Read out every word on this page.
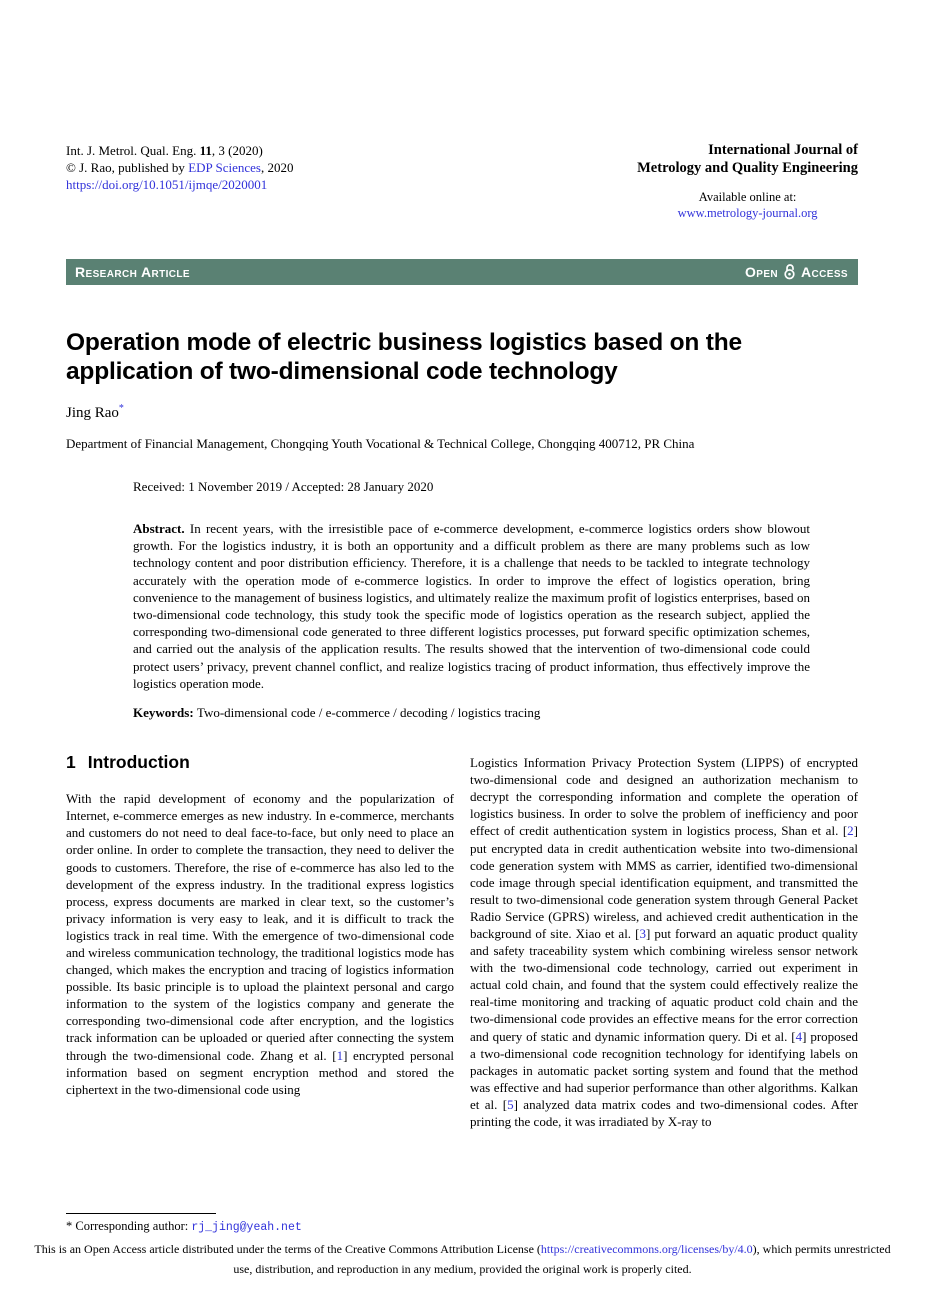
Int. J. Metrol. Qual. Eng. 11, 3 (2020)
© J. Rao, published by EDP Sciences, 2020
https://doi.org/10.1051/ijmqe/2020001
International Journal of
Metrology and Quality Engineering
Available online at:
www.metrology-journal.org
Research Article	Open Access
Operation mode of electric business logistics based on the application of two-dimensional code technology
Jing Rao*
Department of Financial Management, Chongqing Youth Vocational & Technical College, Chongqing 400712, PR China
Received: 1 November 2019 / Accepted: 28 January 2020

Abstract. In recent years, with the irresistible pace of e-commerce development, e-commerce logistics orders show blowout growth. For the logistics industry, it is both an opportunity and a difficult problem as there are many problems such as low technology content and poor distribution efficiency. Therefore, it is a challenge that needs to be tackled to integrate technology accurately with the operation mode of e-commerce logistics. In order to improve the effect of logistics operation, bring convenience to the management of business logistics, and ultimately realize the maximum profit of logistics enterprises, based on two-dimensional code technology, this study took the specific mode of logistics operation as the research subject, applied the corresponding two-dimensional code generated to three different logistics processes, put forward specific optimization schemes, and carried out the analysis of the application results. The results showed that the intervention of two-dimensional code could protect users’ privacy, prevent channel conflict, and realize logistics tracing of product information, thus effectively improve the logistics operation mode.

Keywords: Two-dimensional code / e-commerce / decoding / logistics tracing
1 Introduction

With the rapid development of economy and the popularization of Internet, e-commerce emerges as new industry. In e-commerce, merchants and customers do not need to deal face-to-face, but only need to place an order online. In order to complete the transaction, they need to deliver the goods to customers. Therefore, the rise of e-commerce has also led to the development of the express industry. In the traditional express logistics process, express documents are marked in clear text, so the customer’s privacy information is very easy to leak, and it is difficult to track the logistics track in real time. With the emergence of two-dimensional code and wireless communication technology, the traditional logistics mode has changed, which makes the encryption and tracing of logistics information possible. Its basic principle is to upload the plaintext personal and cargo information to the system of the logistics company and generate the corresponding two-dimensional code after encryption, and the logistics track information can be uploaded or queried after connecting the system through the two-dimensional code. Zhang et al. [1] encrypted personal information based on segment encryption method and stored the ciphertext in the two-dimensional code using

* Corresponding author: rj_jing@yeah.net

Logistics Information Privacy Protection System (LIPPS) of encrypted two-dimensional code and designed an authorization mechanism to decrypt the corresponding information and complete the operation of logistics business. In order to solve the problem of inefficiency and poor effect of credit authentication system in logistics process, Shan et al. [2] put encrypted data in credit authentication website into two-dimensional code generation system with MMS as carrier, identified two-dimensional code image through special identification equipment, and transmitted the result to two-dimensional code generation system through General Packet Radio Service (GPRS) wireless, and achieved credit authentication in the background of site. Xiao et al. [3] put forward an aquatic product quality and safety traceability system which combining wireless sensor network with the two-dimensional code technology, carried out experiment in actual cold chain, and found that the system could effectively realize the real-time monitoring and tracking of aquatic product cold chain and the two-dimensional code provides an effective means for the error correction and query of static and dynamic information query. Di et al. [4] proposed a two-dimensional code recognition technology for identifying labels on packages in automatic packet sorting system and found that the method was effective and had superior performance than other algorithms. Kalkan et al. [5] analyzed data matrix codes and two-dimensional codes. After printing the code, it was irradiated by X-ray to

This is an Open Access article distributed under the terms of the Creative Commons Attribution License (https://creativecommons.org/licenses/by/4.0), which permits unrestricted use, distribution, and reproduction in any medium, provided the original work is properly cited.
